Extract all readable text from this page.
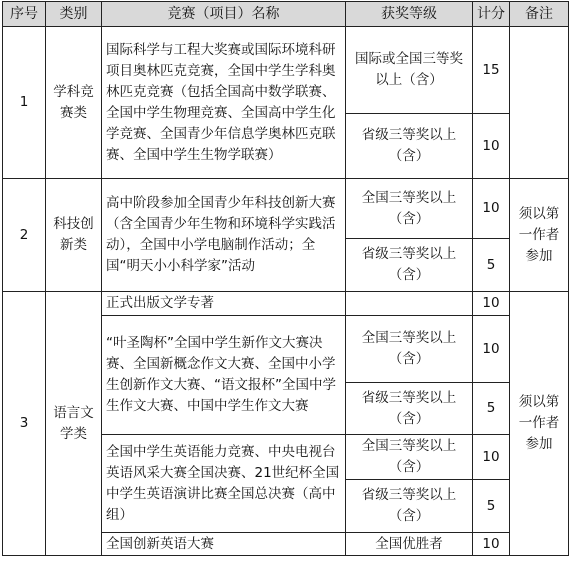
序号	类别	竞赛（项目）名称	获奖等级	计分	备注
1	学科竞赛类	国际科学与工程大奖赛或国际环境科研项目奥林匹克竞赛，全国中学生学科奥林匹克竞赛（包括全国高中数学联赛、全国中学生物理竞赛、全国高中学生化学竞赛、全国青少年信息学奥林匹克联赛、全国中学生生物学联赛）	国际或全国三等奖以上（含）	15	
			省级三等奖以上（含）	10	
2	科技创新类	高中阶段参加全国青少年科技创新大赛（含全国青少年生物和环境科学实践活动），全国中小学电脑制作活动；全国“明天小小科学家”活动	全国三等奖以上（含）	10	须以第一作者参加
			省级三等奖以上（含）	5	
3	语言文学类	正式出版文学专著		10	须以第一作者参加
		“叶圣陶杯”全国中学生新作文大赛决赛、全国新概念作文大赛、全国中小学生创新作文大赛、“语文报杯”全国中学生作文大赛、中国中学生作文大赛	全国三等奖以上（含）	10	
			省级三等奖以上（含）	5	
		全国中学生英语能力竞赛、中央电视台英语风采大赛全国决赛、21世纪杯全国中学生英语演讲比赛全国总决赛（高中组）	全国三等奖以上（含）	10	
			省级三等奖以上（含）	5	
		全国创新英语大赛	全国优胜者	10	
